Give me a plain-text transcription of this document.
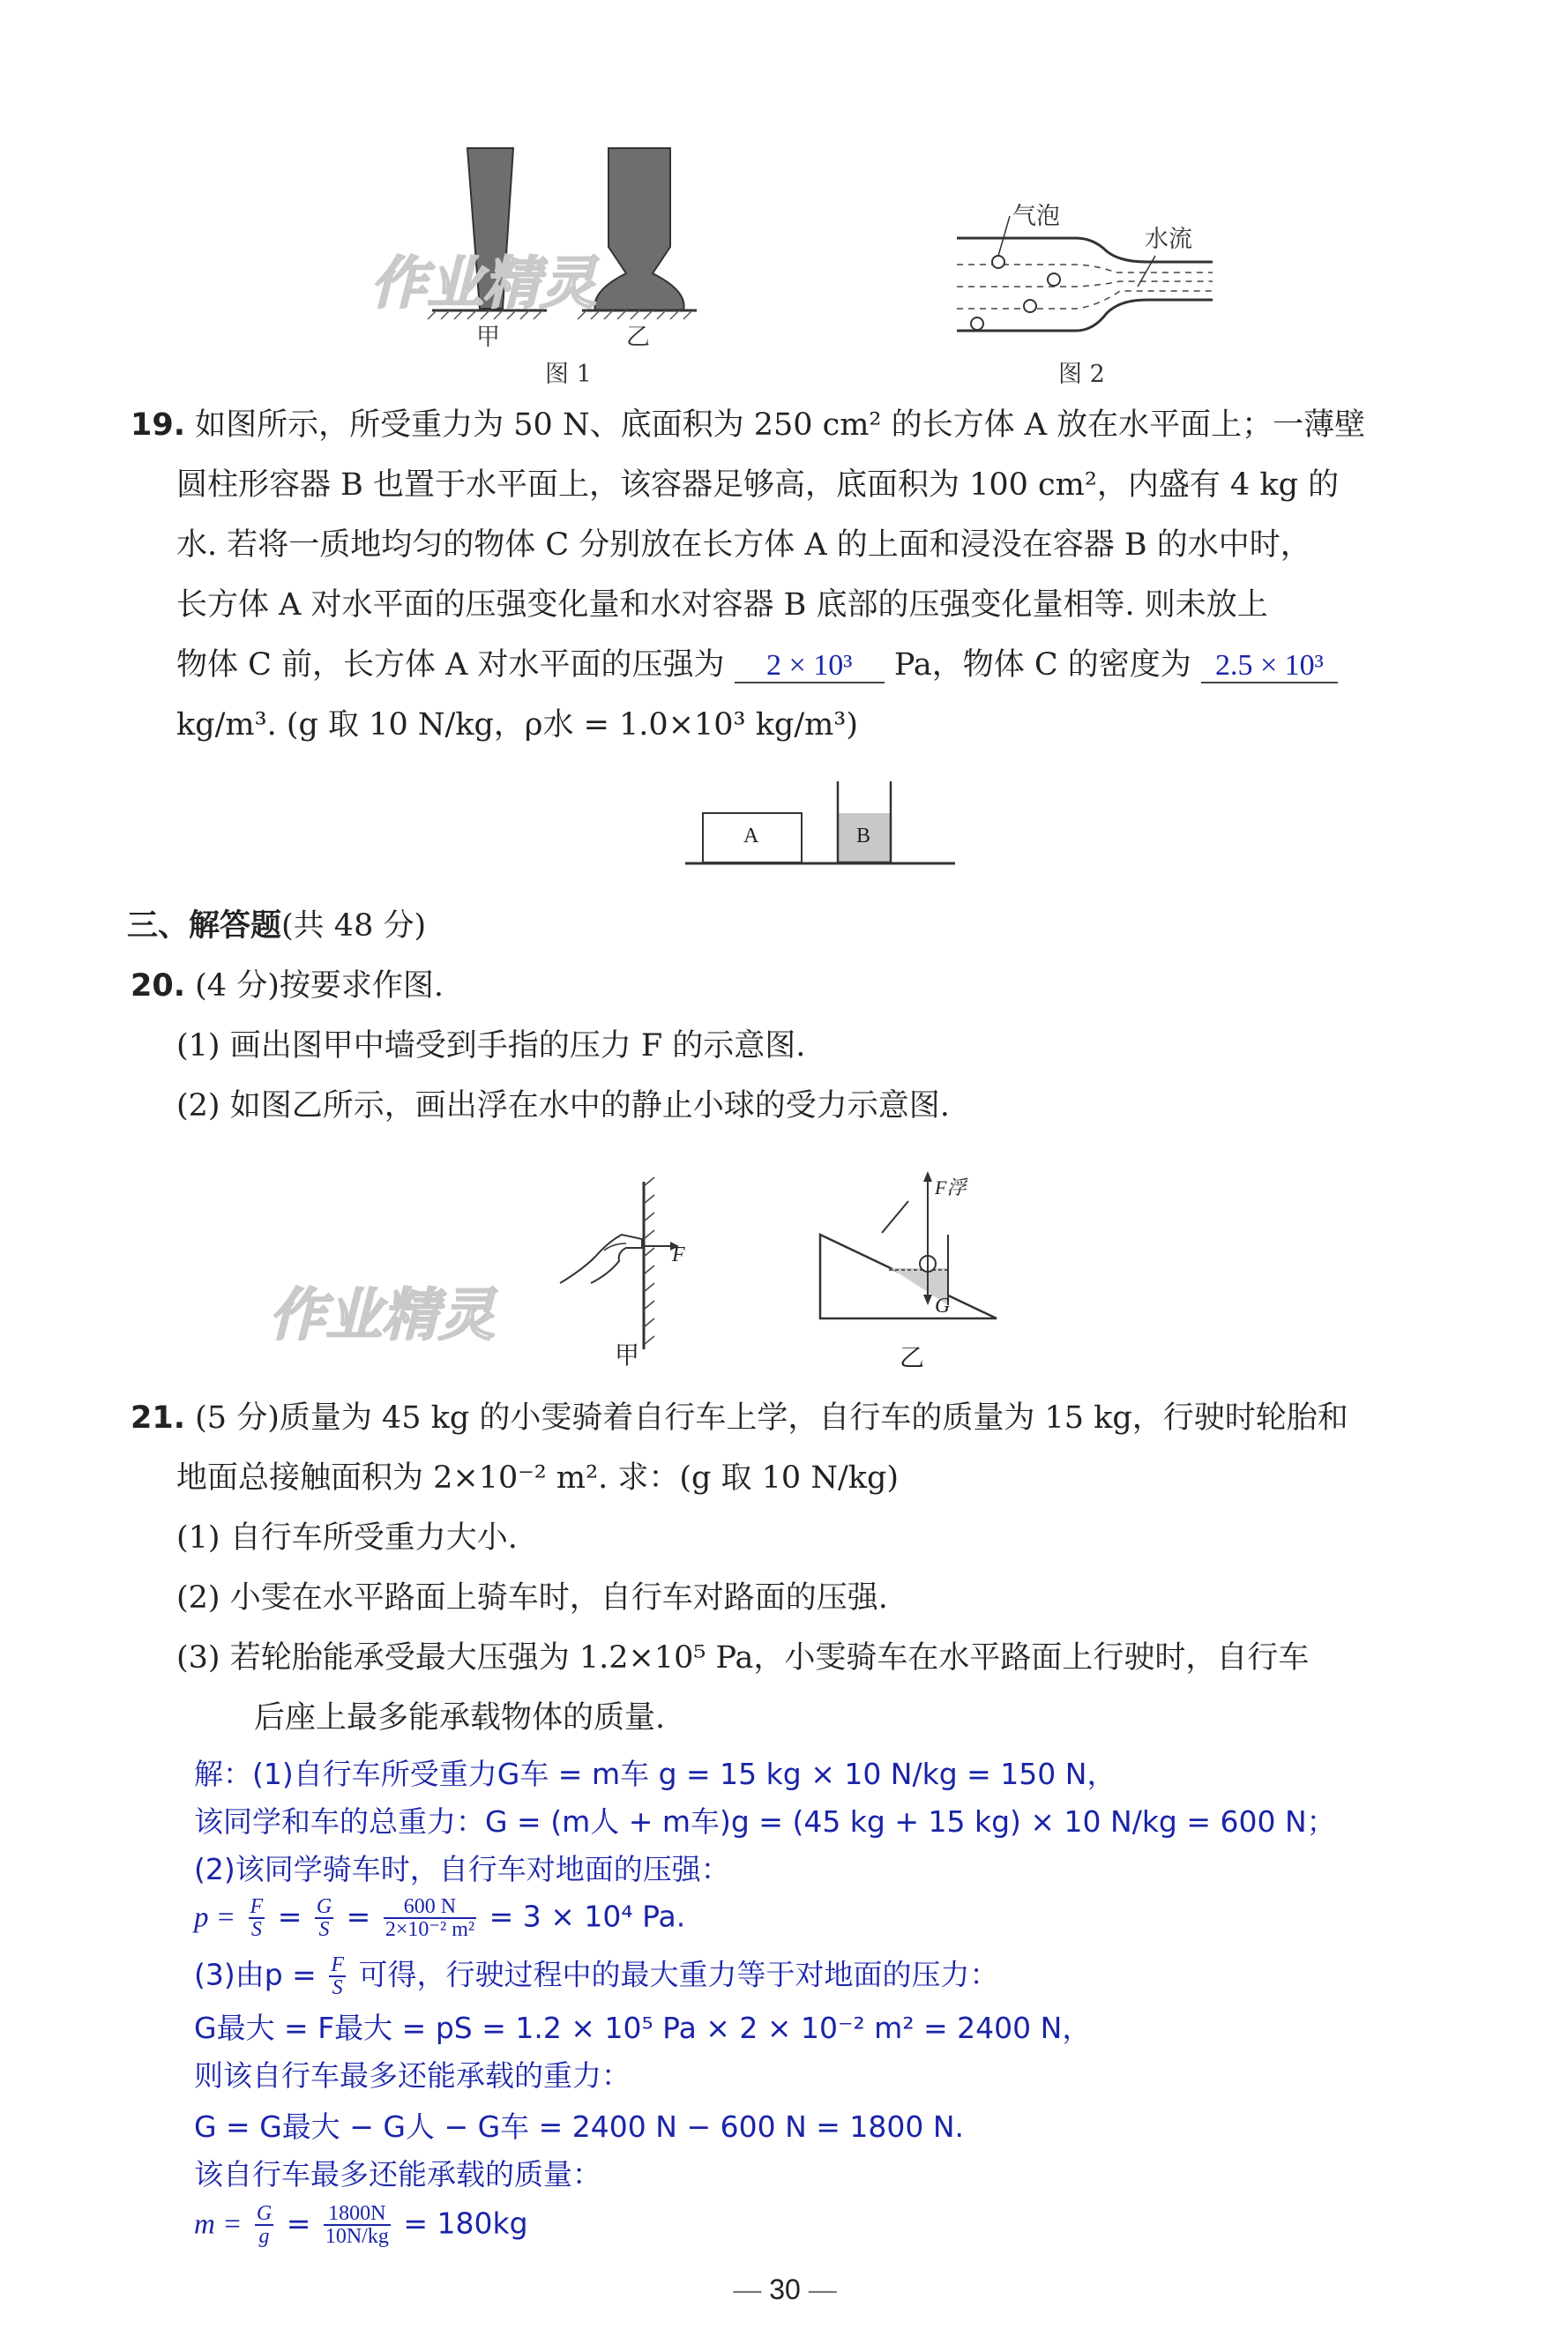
甲	乙
作业精灵
图 1
气泡
水流
图 2
19. 如图所示，所受重力为 50 N、底面积为 250 cm² 的长方体 A 放在水平面上；一薄壁
圆柱形容器 B 也置于水平面上，该容器足够高，底面积为 100 cm²，内盛有 4 kg 的
水. 若将一质地均匀的物体 C 分别放在长方体 A 的上面和浸没在容器 B 的水中时，
长方体 A 对水平面的压强变化量和水对容器 B 底部的压强变化量相等. 则未放上
物体 C 前，长方体 A 对水平面的压强为 2 × 10³ Pa，物体 C 的密度为 2.5 × 10³
kg/m³. (g 取 10 N/kg，ρ水 = 1.0×10³ kg/m³)
A	B
三、解答题(共 48 分)
20. (4 分)按要求作图.
(1) 画出图甲中墙受到手指的压力 F 的示意图.
(2) 如图乙所示，画出浮在水中的静止小球的受力示意图.
F
甲
F浮
G
乙
作业精灵
21. (5 分)质量为 45 kg 的小雯骑着自行车上学，自行车的质量为 15 kg，行驶时轮胎和
地面总接触面积为 2×10⁻² m². 求：(g 取 10 N/kg)
(1) 自行车所受重力大小.
(2) 小雯在水平路面上骑车时，自行车对路面的压强.
(3) 若轮胎能承受最大压强为 1.2×10⁵ Pa，小雯骑车在水平路面上行驶时，自行车
后座上最多能承载物体的质量.
解：(1)自行车所受重力G车 = m车 g = 15 kg × 10 N/kg = 150 N，
该同学和车的总重力：G = (m人 + m车)g = (45 kg + 15 kg) × 10 N/kg = 600 N；
(2)该同学骑车时，自行车对地面的压强：
$p = \frac{F}{S} = \frac{G}{S} = \frac{600 N}{\text{2×10⁻² m²}} = 3 \times 10^4$ Pa.
(3)由$p = \frac{F}{S}$ 可得，行驶过程中的最大重力等于对地面的压力：
G最大 = F最大 = pS = 1.2 × 10⁵ Pa × 2 × 10⁻² m² = 2400 N，
则该自行车最多还能承载的重力：
G = G最大 − G人 − G车 = 2400 N − 600 N = 1800 N.
该自行车最多还能承载的质量：
$m = \frac{G}{g} = \frac{1800N}{10N/kg} = 180kg$
— 30 —
